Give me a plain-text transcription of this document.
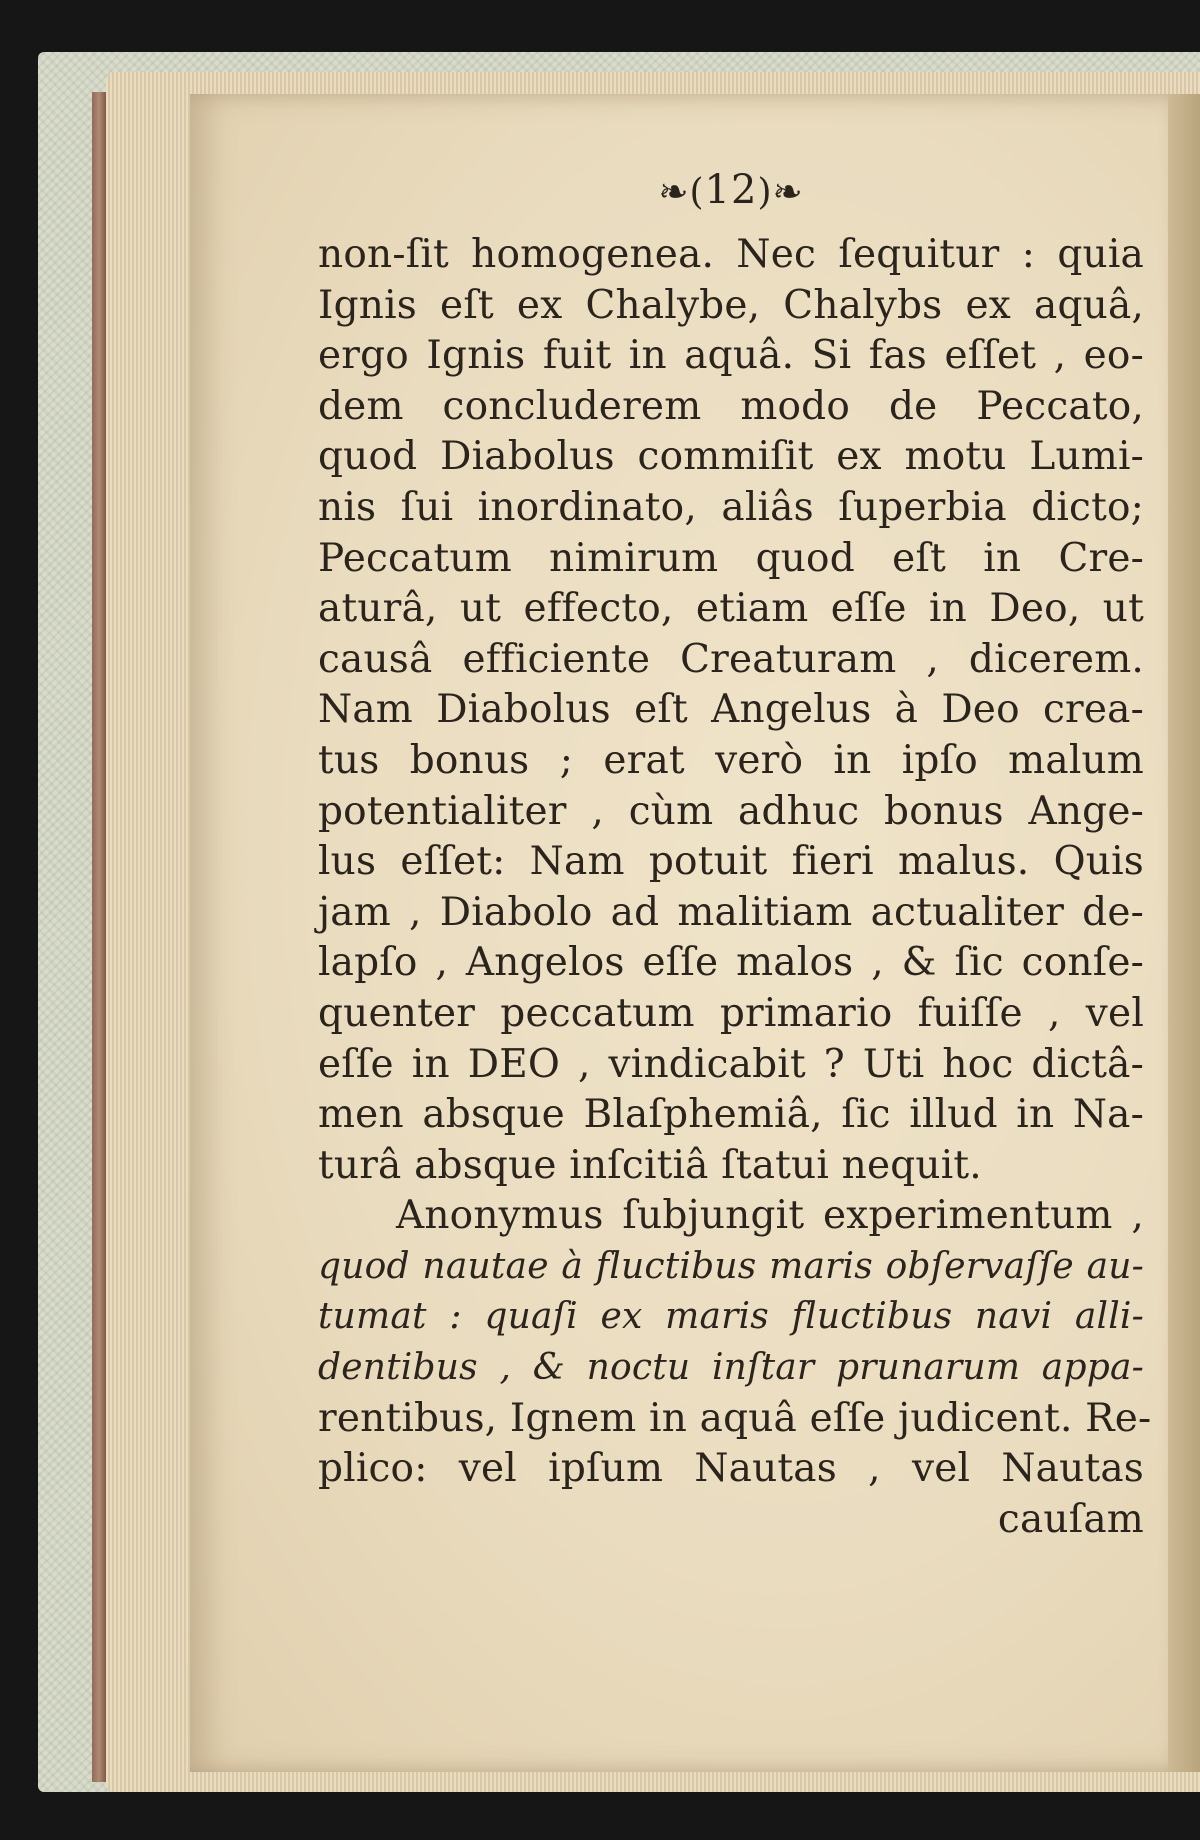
❧(12)❧
non-ſit homogenea. Nec ſequitur : quia
Ignis eſt ex Chalybe, Chalybs ex aquâ,
ergo Ignis fuit in aquâ. Si fas eſſet , eo-
dem concluderem modo de Peccato,
quod Diabolus commiſit ex motu Lumi-
nis ſui inordinato, aliâs ſuperbia dicto;
Peccatum nimirum quod eſt in Cre-
aturâ, ut effecto, etiam eſſe in Deo, ut
causâ efficiente Creaturam , dicerem.
Nam Diabolus eſt Angelus à Deo crea-
tus bonus ; erat verò in ipſo malum
potentialiter , cùm adhuc bonus Ange-
lus eſſet: Nam potuit fieri malus. Quis
jam , Diabolo ad malitiam actualiter de-
lapſo , Angelos eſſe malos , & ſic conſe-
quenter peccatum primario fuiſſe , vel
eſſe in DEO , vindicabit ? Uti hoc dictâ-
men absque Blaſphemiâ, ſic illud in Na-
turâ absque inſcitiâ ſtatui nequit.
Anonymus ſubjungit experimentum ,
quod nautae à fluctibus maris obſervaſſe au-
tumat : quaſi ex maris fluctibus navi alli-
dentibus , & noctu inſtar prunarum appa-
rentibus, Ignem in aquâ eſſe judicent. Re-
plico: vel ipſum Nautas , vel Nautas
cauſam
